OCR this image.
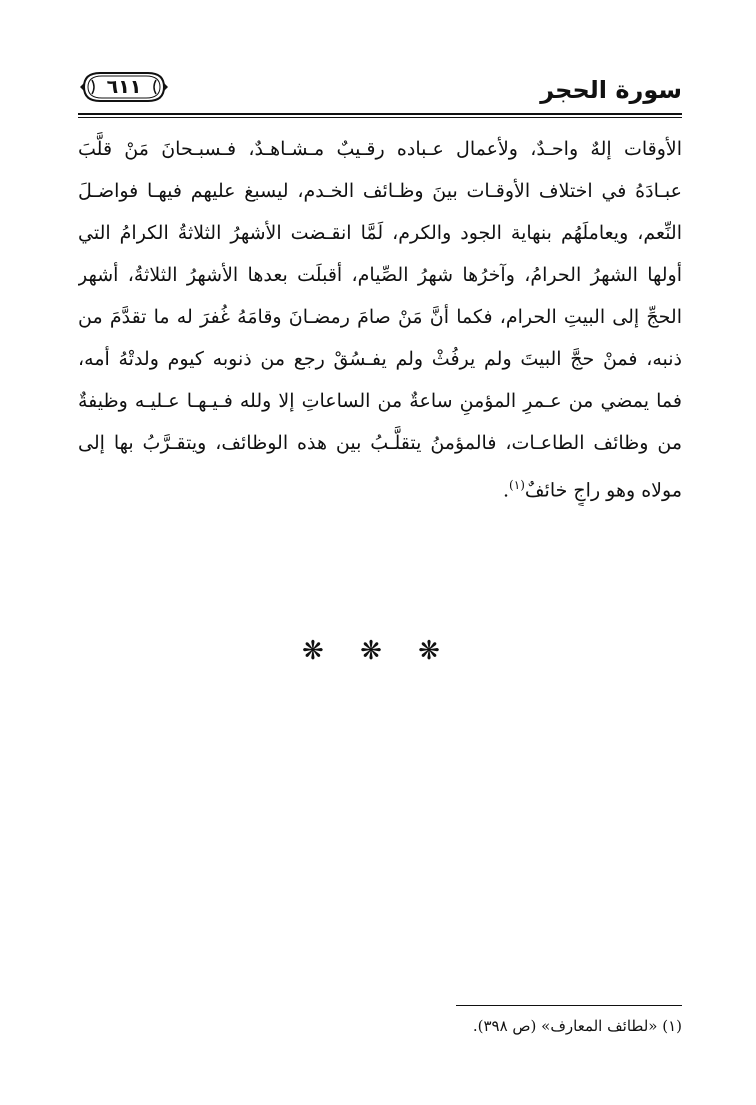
سورة الحجر
٦١١
الأوقات إلهٌ واحـدٌ، ولأعمال عـباده رقـيبٌ مـشـاهـدٌ، فـسبـحانَ مَنْ قلَّبَ
عبـادَهُ في اختلاف الأوقـات بينَ وظـائف الخـدم، ليسبغ عليهم فيهـا فواضـلَ
النِّعم، ويعاملَهُم بنهاية الجود والكرم، لَمَّا انقـضت الأشهرُ الثلاثةُ الكرامُ التي
أولها الشهرُ الحرامُ، وآخرُها شهرُ الصِّيام، أقبلَت بعدها الأشهرُ الثلاثةُ، أشهر
الحجِّ إلى البيتِ الحرام، فكما أنَّ مَنْ صامَ رمضـانَ وقامَهُ غُفرَ له ما تقدَّمَ من
ذنبه، فمنْ حجَّ البيتَ ولم يرفُثْ ولم يفـسُقْ رجع من ذنوبه كيوم ولدتْهُ أمه،
فما يمضي من عـمرِ المؤمنِ ساعةٌ من الساعاتِ إلا ولله فـيـهـا عـليـه وظيفةٌ
من وظائف الطاعـات، فالمؤمنُ يتقلَّـبُ بين هذه الوظائف، ويتقـرَّبُ بها إلى
مولاه وهو راجٍ خائفٌ$^{(١)}$.
❋ ❋ ❋
(١) «لطائف المعارف» (ص ٣٩٨).
